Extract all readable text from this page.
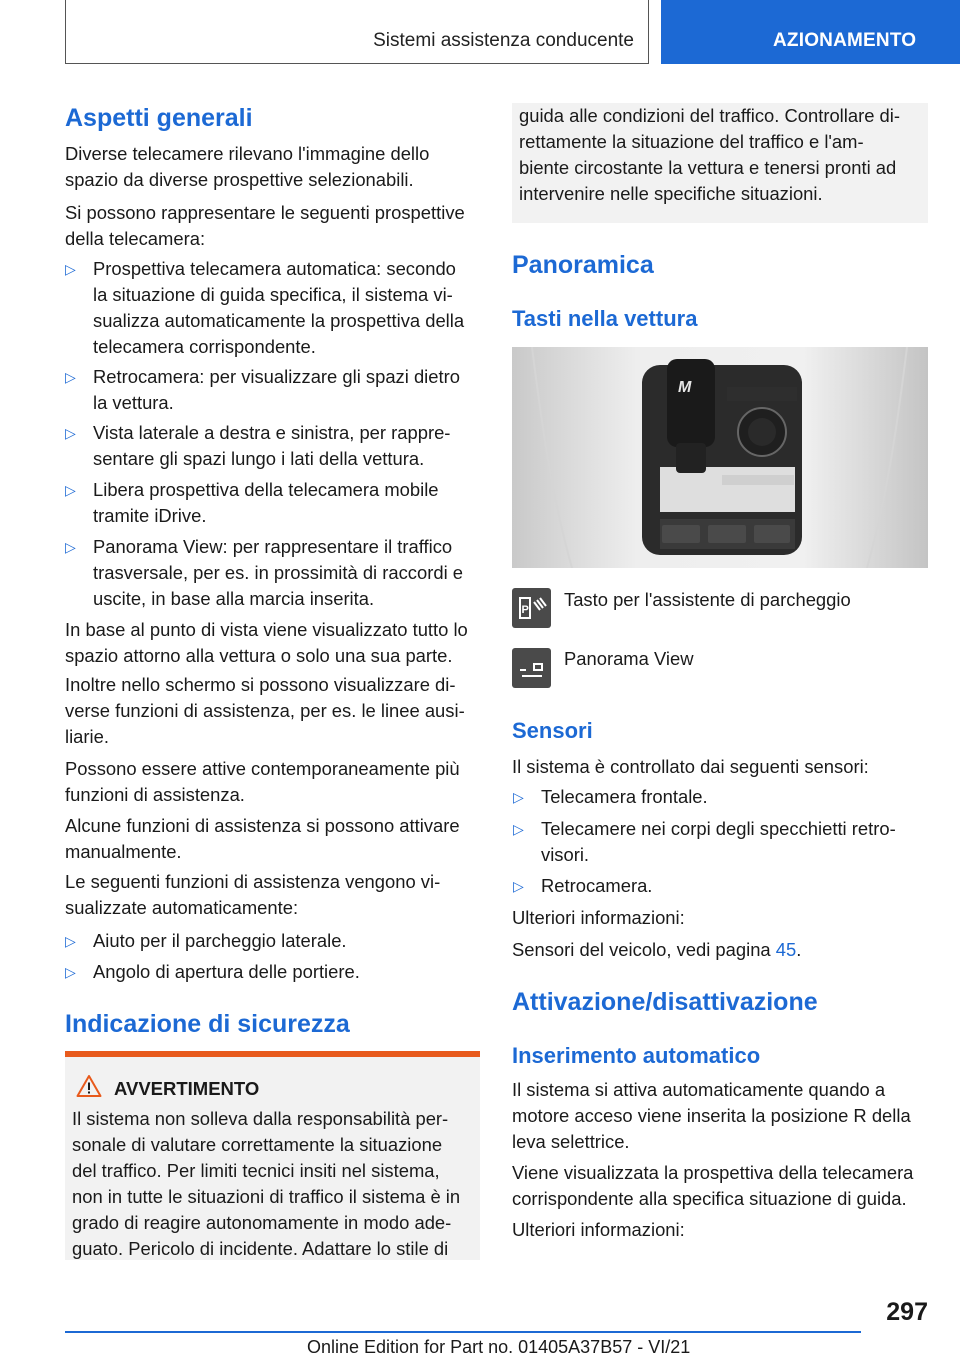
Sistemi assistenza conducente	AZIONAMENTO
Aspetti generali
Diverse telecamere rilevano l'immagine dello
spazio da diverse prospettive selezionabili.
Si possono rappresentare le seguenti prospettive
della telecamera:
▷ Prospettiva telecamera automatica: secondo
la situazione di guida specifica, il sistema vi-
sualizza automaticamente la prospettiva della
telecamera corrispondente.
▷ Retrocamera: per visualizzare gli spazi dietro
la vettura.
▷ Vista laterale a destra e sinistra, per rappre-
sentare gli spazi lungo i lati della vettura.
▷ Libera prospettiva della telecamera mobile
tramite iDrive.
▷ Panorama View: per rappresentare il traffico
trasversale, per es. in prossimità di raccordi e
uscite, in base alla marcia inserita.
In base al punto di vista viene visualizzato tutto lo
spazio attorno alla vettura o solo una sua parte.
Inoltre nello schermo si possono visualizzare di-
verse funzioni di assistenza, per es. le linee ausi-
liarie.
Possono essere attive contemporaneamente più
funzioni di assistenza.
Alcune funzioni di assistenza si possono attivare
manualmente.
Le seguenti funzioni di assistenza vengono vi-
sualizzate automaticamente:
▷ Aiuto per il parcheggio laterale.
▷ Angolo di apertura delle portiere.
Indicazione di sicurezza
AVVERTIMENTO
Il sistema non solleva dalla responsabilità per-
sonale di valutare correttamente la situazione
del traffico. Per limiti tecnici insiti nel sistema,
non in tutte le situazioni di traffico il sistema è in
grado di reagire autonomamente in modo ade-
guato. Pericolo di incidente. Adattare lo stile di
guida alle condizioni del traffico. Controllare di-
rettamente la situazione del traffico e l'am-
biente circostante la vettura e tenersi pronti ad
intervenire nelle specifiche situazioni.
Panoramica
Tasti nella vettura
M
P Tasto per l'assistente di parcheggio
Panorama View
Sensori
Il sistema è controllato dai seguenti sensori:
▷ Telecamera frontale.
▷ Telecamere nei corpi degli specchietti retro-
visori.
▷ Retrocamera.
Ulteriori informazioni:
Sensori del veicolo, vedi pagina 45.
Attivazione/disattivazione
Inserimento automatico
Il sistema si attiva automaticamente quando a
motore acceso viene inserita la posizione R della
leva selettrice.
Viene visualizzata la prospettiva della telecamera
corrispondente alla specifica situazione di guida.
Ulteriori informazioni:
297
Online Edition for Part no. 01405A37B57 - VI/21
